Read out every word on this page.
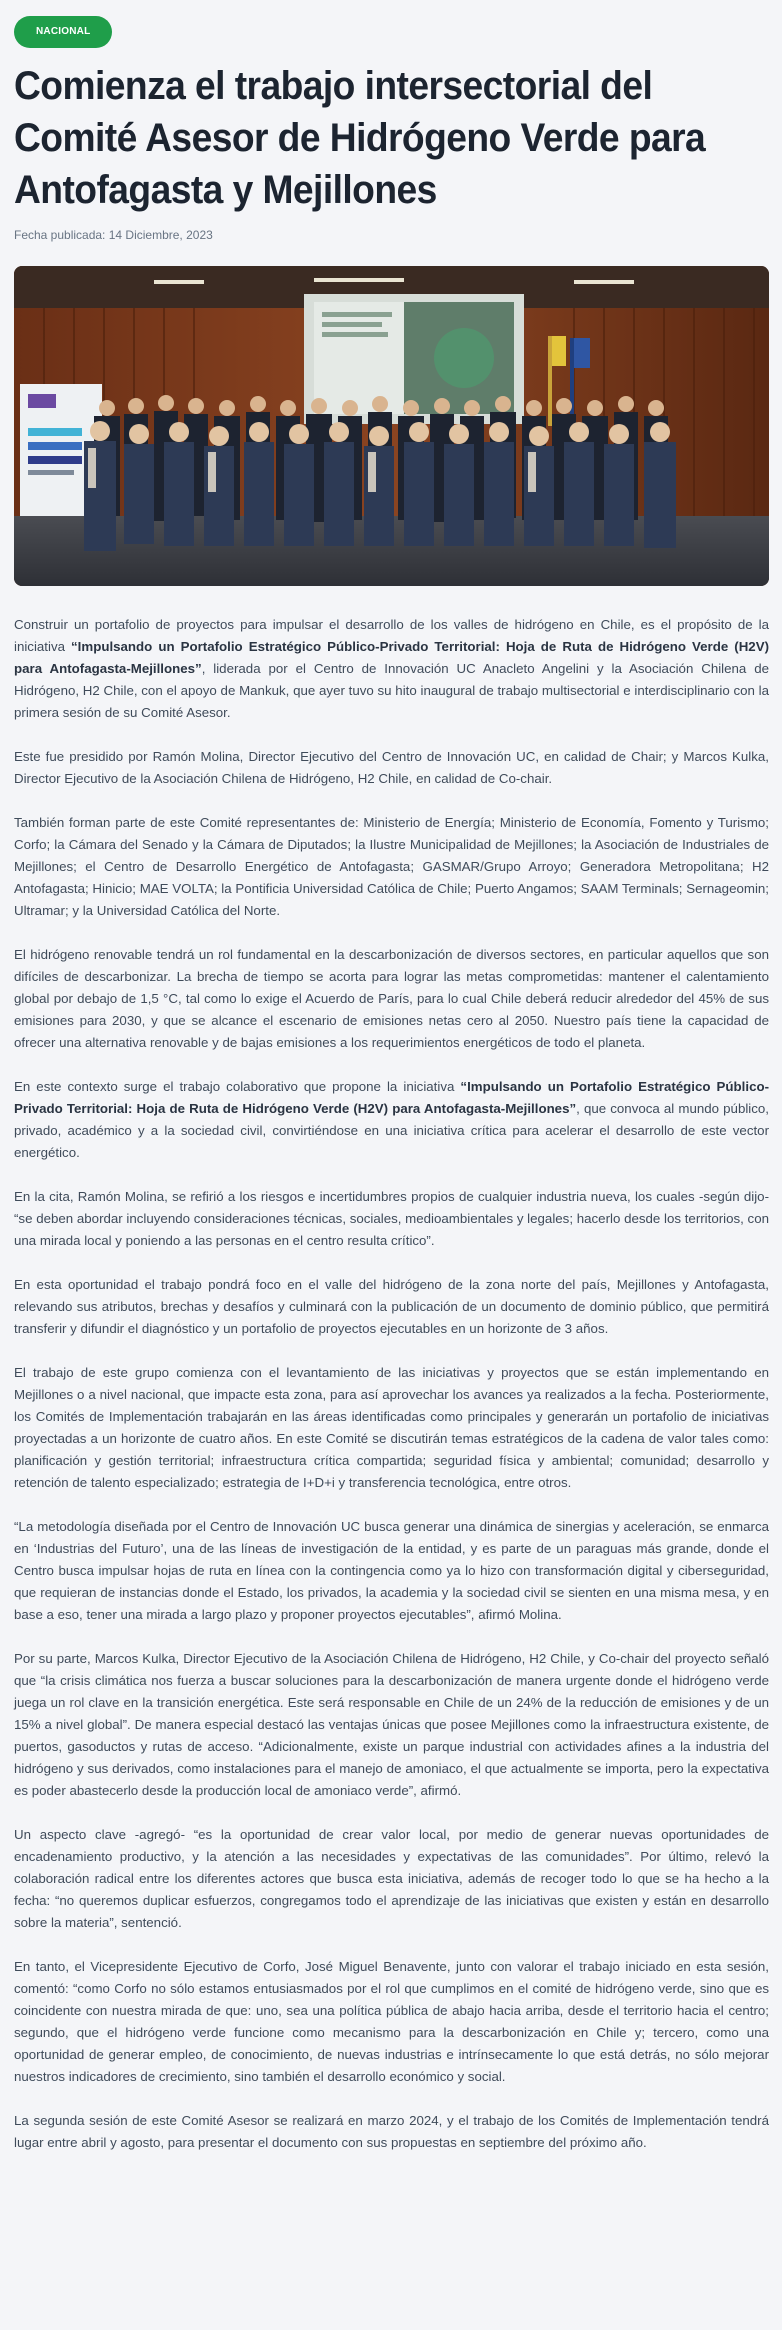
NACIONAL
Comienza el trabajo intersectorial del Comité Asesor de Hidrógeno Verde para Antofagasta y Mejillones
Fecha publicada: 14 Diciembre, 2023

Construir un portafolio de proyectos para impulsar el desarrollo de los valles de hidrógeno en Chile, es el propósito de la iniciativa “Impulsando un Portafolio Estratégico Público-Privado Territorial: Hoja de Ruta de Hidrógeno Verde (H2V) para Antofagasta-Mejillones”, liderada por el Centro de Innovación UC Anacleto Angelini y la Asociación Chilena de Hidrógeno, H2 Chile, con el apoyo de Mankuk, que ayer tuvo su hito inaugural de trabajo multisectorial e interdisciplinario con la primera sesión de su Comité Asesor.

Este fue presidido por Ramón Molina, Director Ejecutivo del Centro de Innovación UC, en calidad de Chair; y Marcos Kulka, Director Ejecutivo de la Asociación Chilena de Hidrógeno, H2 Chile, en calidad de Co-chair.

También forman parte de este Comité representantes de: Ministerio de Energía; Ministerio de Economía, Fomento y Turismo; Corfo; la Cámara del Senado y la Cámara de Diputados; la Ilustre Municipalidad de Mejillones; la Asociación de Industriales de Mejillones; el Centro de Desarrollo Energético de Antofagasta; GASMAR/Grupo Arroyo; Generadora Metropolitana; H2 Antofagasta; Hinicio; MAE VOLTA; la Pontificia Universidad Católica de Chile; Puerto Angamos; SAAM Terminals; Sernageomin; Ultramar; y la Universidad Católica del Norte.

El hidrógeno renovable tendrá un rol fundamental en la descarbonización de diversos sectores, en particular aquellos que son difíciles de descarbonizar. La brecha de tiempo se acorta para lograr las metas comprometidas: mantener el calentamiento global por debajo de 1,5 °C, tal como lo exige el Acuerdo de París, para lo cual Chile deberá reducir alrededor del 45% de sus emisiones para 2030, y que se alcance el escenario de emisiones netas cero al 2050. Nuestro país tiene la capacidad de ofrecer una alternativa renovable y de bajas emisiones a los requerimientos energéticos de todo el planeta.

En este contexto surge el trabajo colaborativo que propone la iniciativa “Impulsando un Portafolio Estratégico Público-Privado Territorial: Hoja de Ruta de Hidrógeno Verde (H2V) para Antofagasta-Mejillones”, que convoca al mundo público, privado, académico y a la sociedad civil, convirtiéndose en una iniciativa crítica para acelerar el desarrollo de este vector energético.

En la cita, Ramón Molina, se refirió a los riesgos e incertidumbres propios de cualquier industria nueva, los cuales -según dijo- “se deben abordar incluyendo consideraciones técnicas, sociales, medioambientales y legales; hacerlo desde los territorios, con una mirada local y poniendo a las personas en el centro resulta crítico”.

En esta oportunidad el trabajo pondrá foco en el valle del hidrógeno de la zona norte del país, Mejillones y Antofagasta, relevando sus atributos, brechas y desafíos y culminará con la publicación de un documento de dominio público, que permitirá transferir y difundir el diagnóstico y un portafolio de proyectos ejecutables en un horizonte de 3 años.

El trabajo de este grupo comienza con el levantamiento de las iniciativas y proyectos que se están implementando en Mejillones o a nivel nacional, que impacte esta zona, para así aprovechar los avances ya realizados a la fecha. Posteriormente, los Comités de Implementación trabajarán en las áreas identificadas como principales y generarán un portafolio de iniciativas proyectadas a un horizonte de cuatro años. En este Comité se discutirán temas estratégicos de la cadena de valor tales como: planificación y gestión territorial; infraestructura crítica compartida; seguridad física y ambiental; comunidad; desarrollo y retención de talento especializado; estrategia de I+D+i y transferencia tecnológica, entre otros.

“La metodología diseñada por el Centro de Innovación UC busca generar una dinámica de sinergias y aceleración, se enmarca en ‘Industrias del Futuro’, una de las líneas de investigación de la entidad, y es parte de un paraguas más grande, donde el Centro busca impulsar hojas de ruta en línea con la contingencia como ya lo hizo con transformación digital y ciberseguridad, que requieran de instancias donde el Estado, los privados, la academia y la sociedad civil se sienten en una misma mesa, y en base a eso, tener una mirada a largo plazo y proponer proyectos ejecutables”, afirmó Molina.

Por su parte, Marcos Kulka, Director Ejecutivo de la Asociación Chilena de Hidrógeno, H2 Chile, y Co-chair del proyecto señaló que “la crisis climática nos fuerza a buscar soluciones para la descarbonización de manera urgente donde el hidrógeno verde juega un rol clave en la transición energética. Este será responsable en Chile de un 24% de la reducción de emisiones y de un 15% a nivel global”. De manera especial destacó las ventajas únicas que posee Mejillones como la infraestructura existente, de puertos, gasoductos y rutas de acceso. “Adicionalmente, existe un parque industrial con actividades afines a la industria del hidrógeno y sus derivados, como instalaciones para el manejo de amoniaco, el que actualmente se importa, pero la expectativa es poder abastecerlo desde la producción local de amoniaco verde”, afirmó.

Un aspecto clave -agregó- “es la oportunidad de crear valor local, por medio de generar nuevas oportunidades de encadenamiento productivo, y la atención a las necesidades y expectativas de las comunidades”. Por último, relevó la colaboración radical entre los diferentes actores que busca esta iniciativa, además de recoger todo lo que se ha hecho a la fecha: “no queremos duplicar esfuerzos, congregamos todo el aprendizaje de las iniciativas que existen y están en desarrollo sobre la materia”, sentenció.

En tanto, el Vicepresidente Ejecutivo de Corfo, José Miguel Benavente, junto con valorar el trabajo iniciado en esta sesión, comentó: “como Corfo no sólo estamos entusiasmados por el rol que cumplimos en el comité de hidrógeno verde, sino que es coincidente con nuestra mirada de que: uno, sea una política pública de abajo hacia arriba, desde el territorio hacia el centro; segundo, que el hidrógeno verde funcione como mecanismo para la descarbonización en Chile y; tercero, como una oportunidad de generar empleo, de conocimiento, de nuevas industrias e intrínsecamente lo que está detrás, no sólo mejorar nuestros indicadores de crecimiento, sino también el desarrollo económico y social.

La segunda sesión de este Comité Asesor se realizará en marzo 2024, y el trabajo de los Comités de Implementación tendrá lugar entre abril y agosto, para presentar el documento con sus propuestas en septiembre del próximo año.
